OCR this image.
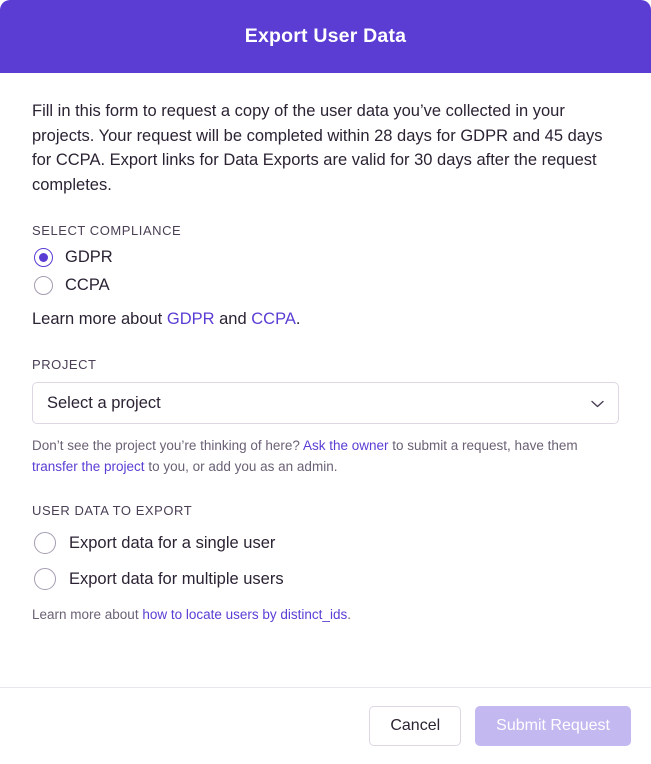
Export User Data

Fill in this form to request a copy of the user data you’ve collected in your projects. Your request will be completed within 28 days for GDPR and 45 days for CCPA. Export links for Data Exports are valid for 30 days after the request completes.

SELECT COMPLIANCE
GDPR
CCPA
Learn more about GDPR and CCPA.
PROJECT
Select a project
Don’t see the project you’re thinking of here? Ask the owner to submit a request, have them transfer the project to you, or add you as an admin.
USER DATA TO EXPORT
Export data for a single user
Export data for multiple users
Learn more about how to locate users by distinct_ids.
Cancel	Submit Request
